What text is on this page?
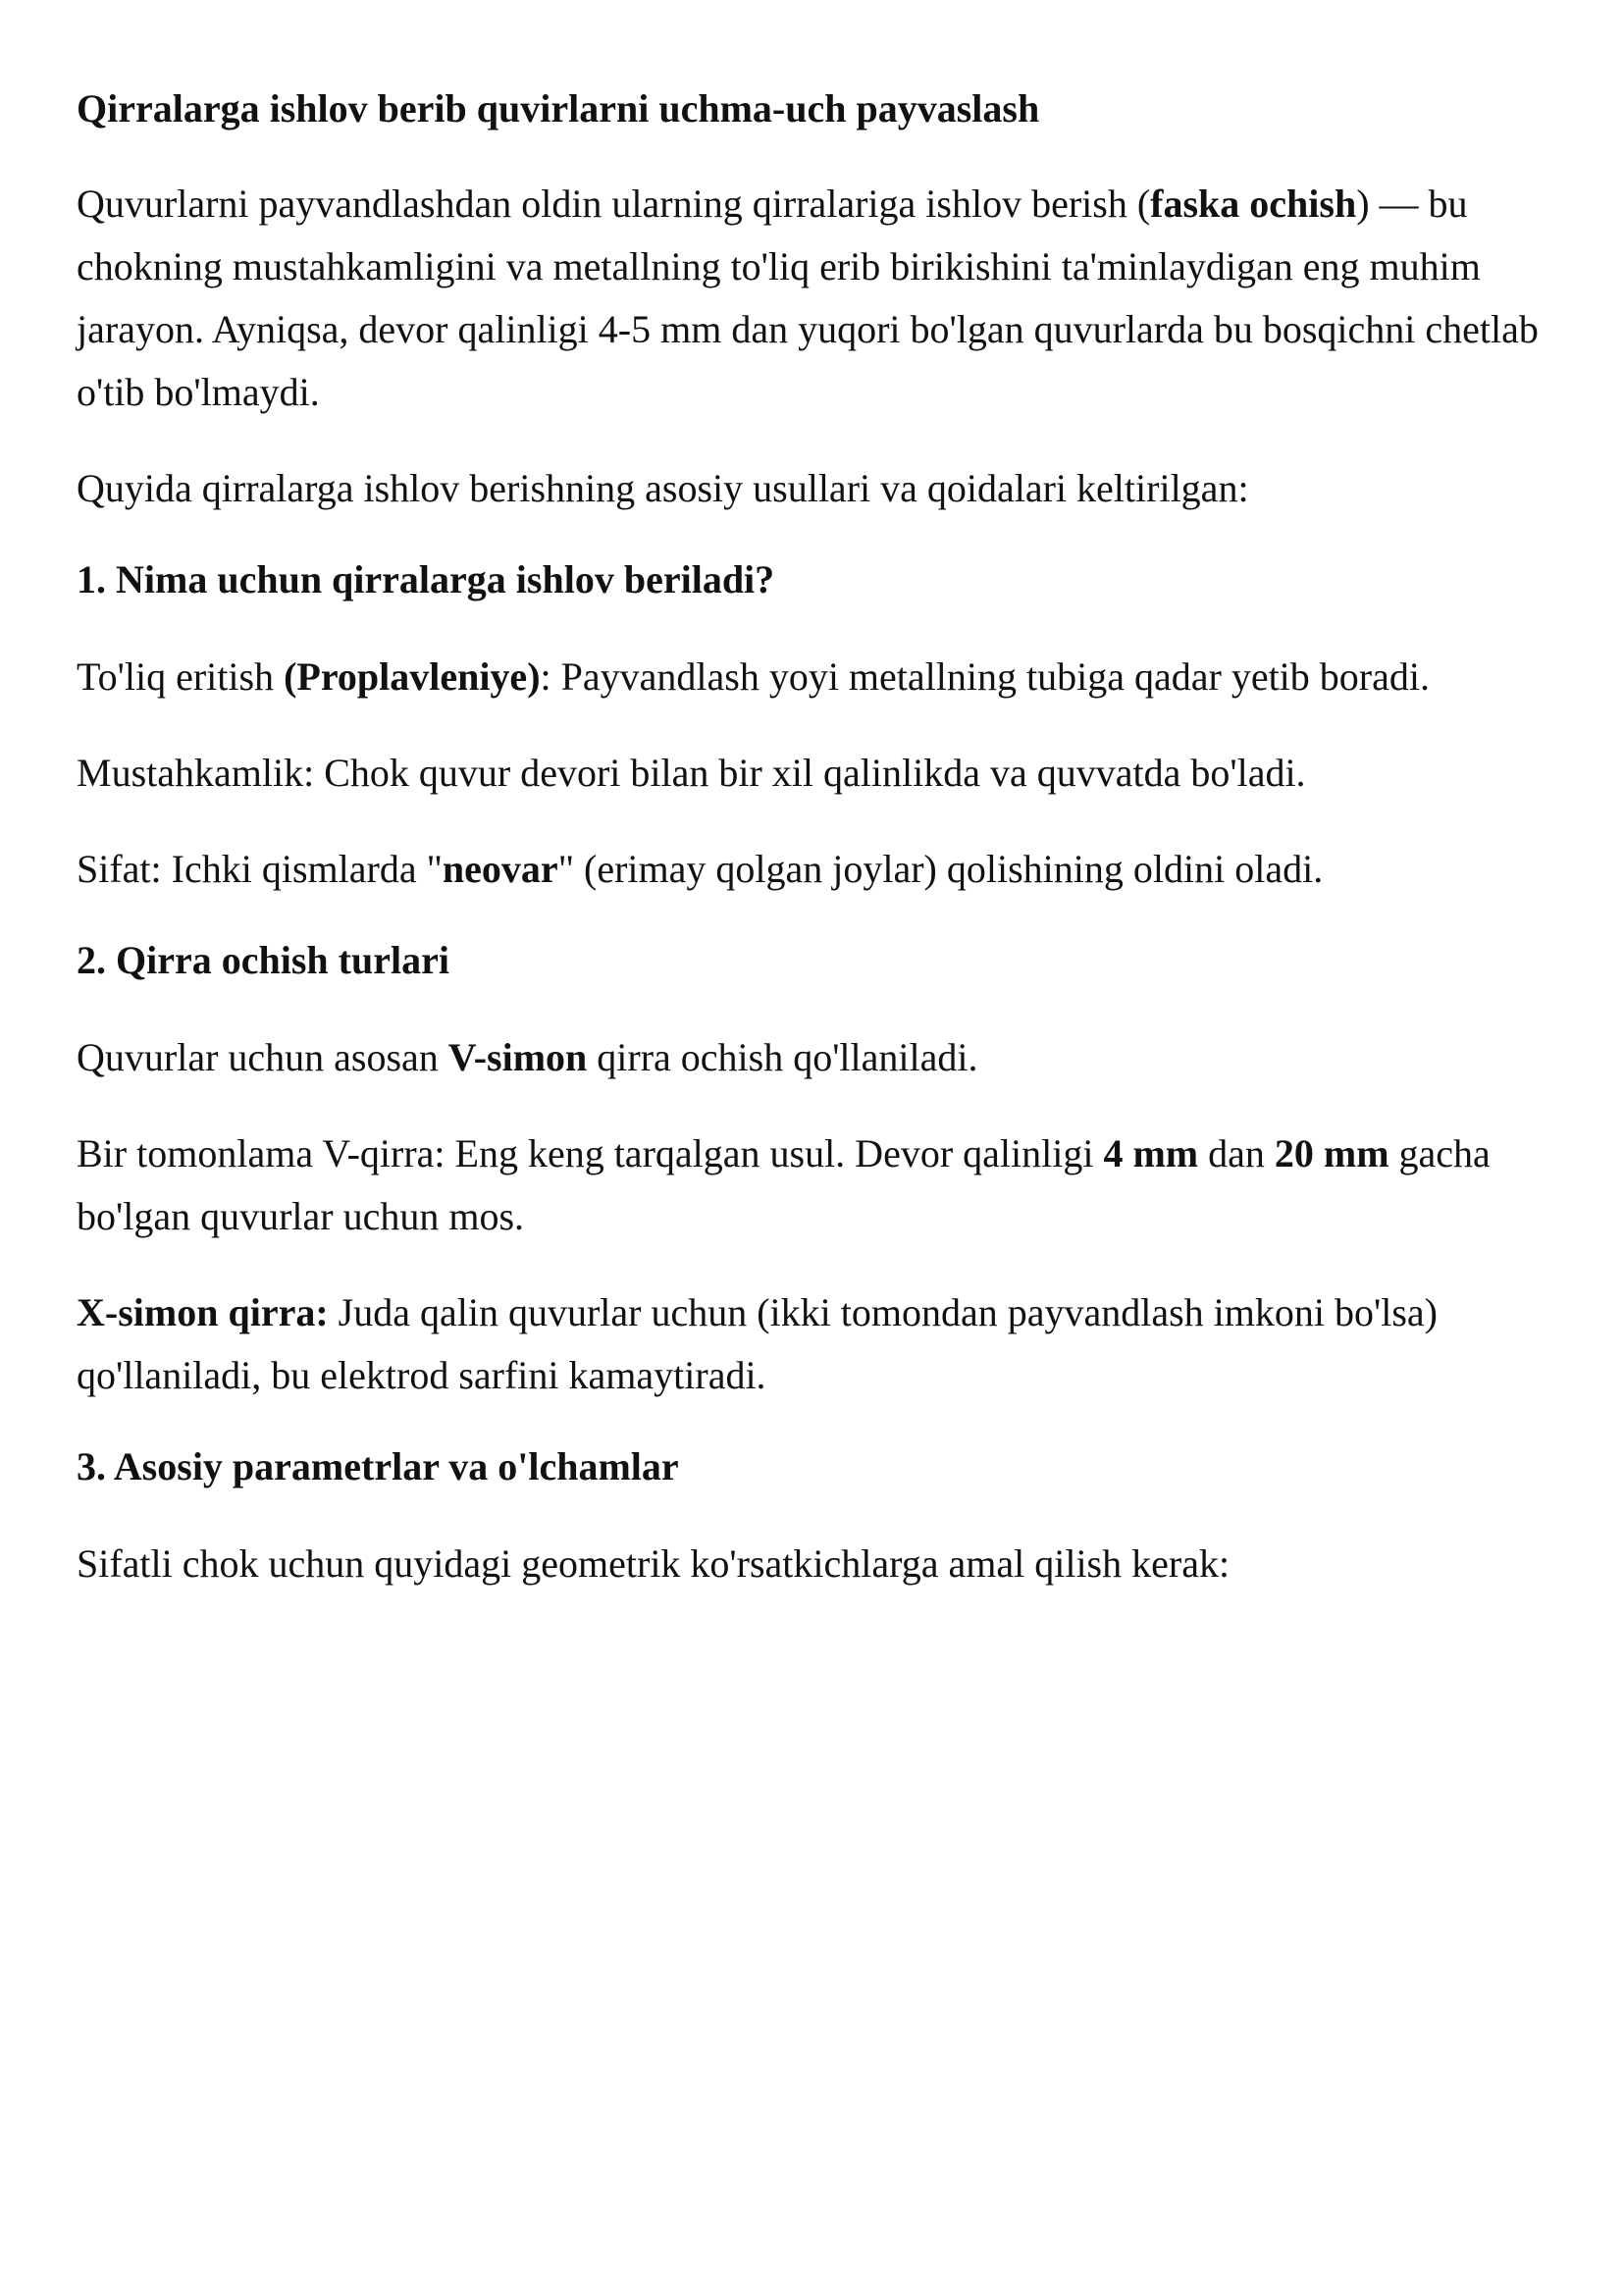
Qirralarga ishlov berib quvirlarni uchma-uch payvaslash

Quvurlarni payvandlashdan oldin ularning qirralariga ishlov berish (faska ochish) — bu chokning mustahkamligini va metallning to'liq erib birikishini ta'minlaydigan eng muhim jarayon. Ayniqsa, devor qalinligi 4-5 mm dan yuqori bo'lgan quvurlarda bu bosqichni chetlab o'tib bo'lmaydi.

Quyida qirralarga ishlov berishning asosiy usullari va qoidalari keltirilgan:

1. Nima uchun qirralarga ishlov beriladi?

To'liq eritish (Proplavleniye): Payvandlash yoyi metallning tubiga qadar yetib boradi.

Mustahkamlik: Chok quvur devori bilan bir xil qalinlikda va quvvatda bo'ladi.

Sifat: Ichki qismlarda "neovar" (erimay qolgan joylar) qolishining oldini oladi.

2. Qirra ochish turlari

Quvurlar uchun asosan V-simon qirra ochish qo'llaniladi.

Bir tomonlama V-qirra: Eng keng tarqalgan usul. Devor qalinligi 4 mm dan 20 mm gacha bo'lgan quvurlar uchun mos.

X-simon qirra: Juda qalin quvurlar uchun (ikki tomondan payvandlash imkoni bo'lsa) qo'llaniladi, bu elektrod sarfini kamaytiradi.

3. Asosiy parametrlar va o'lchamlar

Sifatli chok uchun quyidagi geometrik ko'rsatkichlarga amal qilish kerak:
